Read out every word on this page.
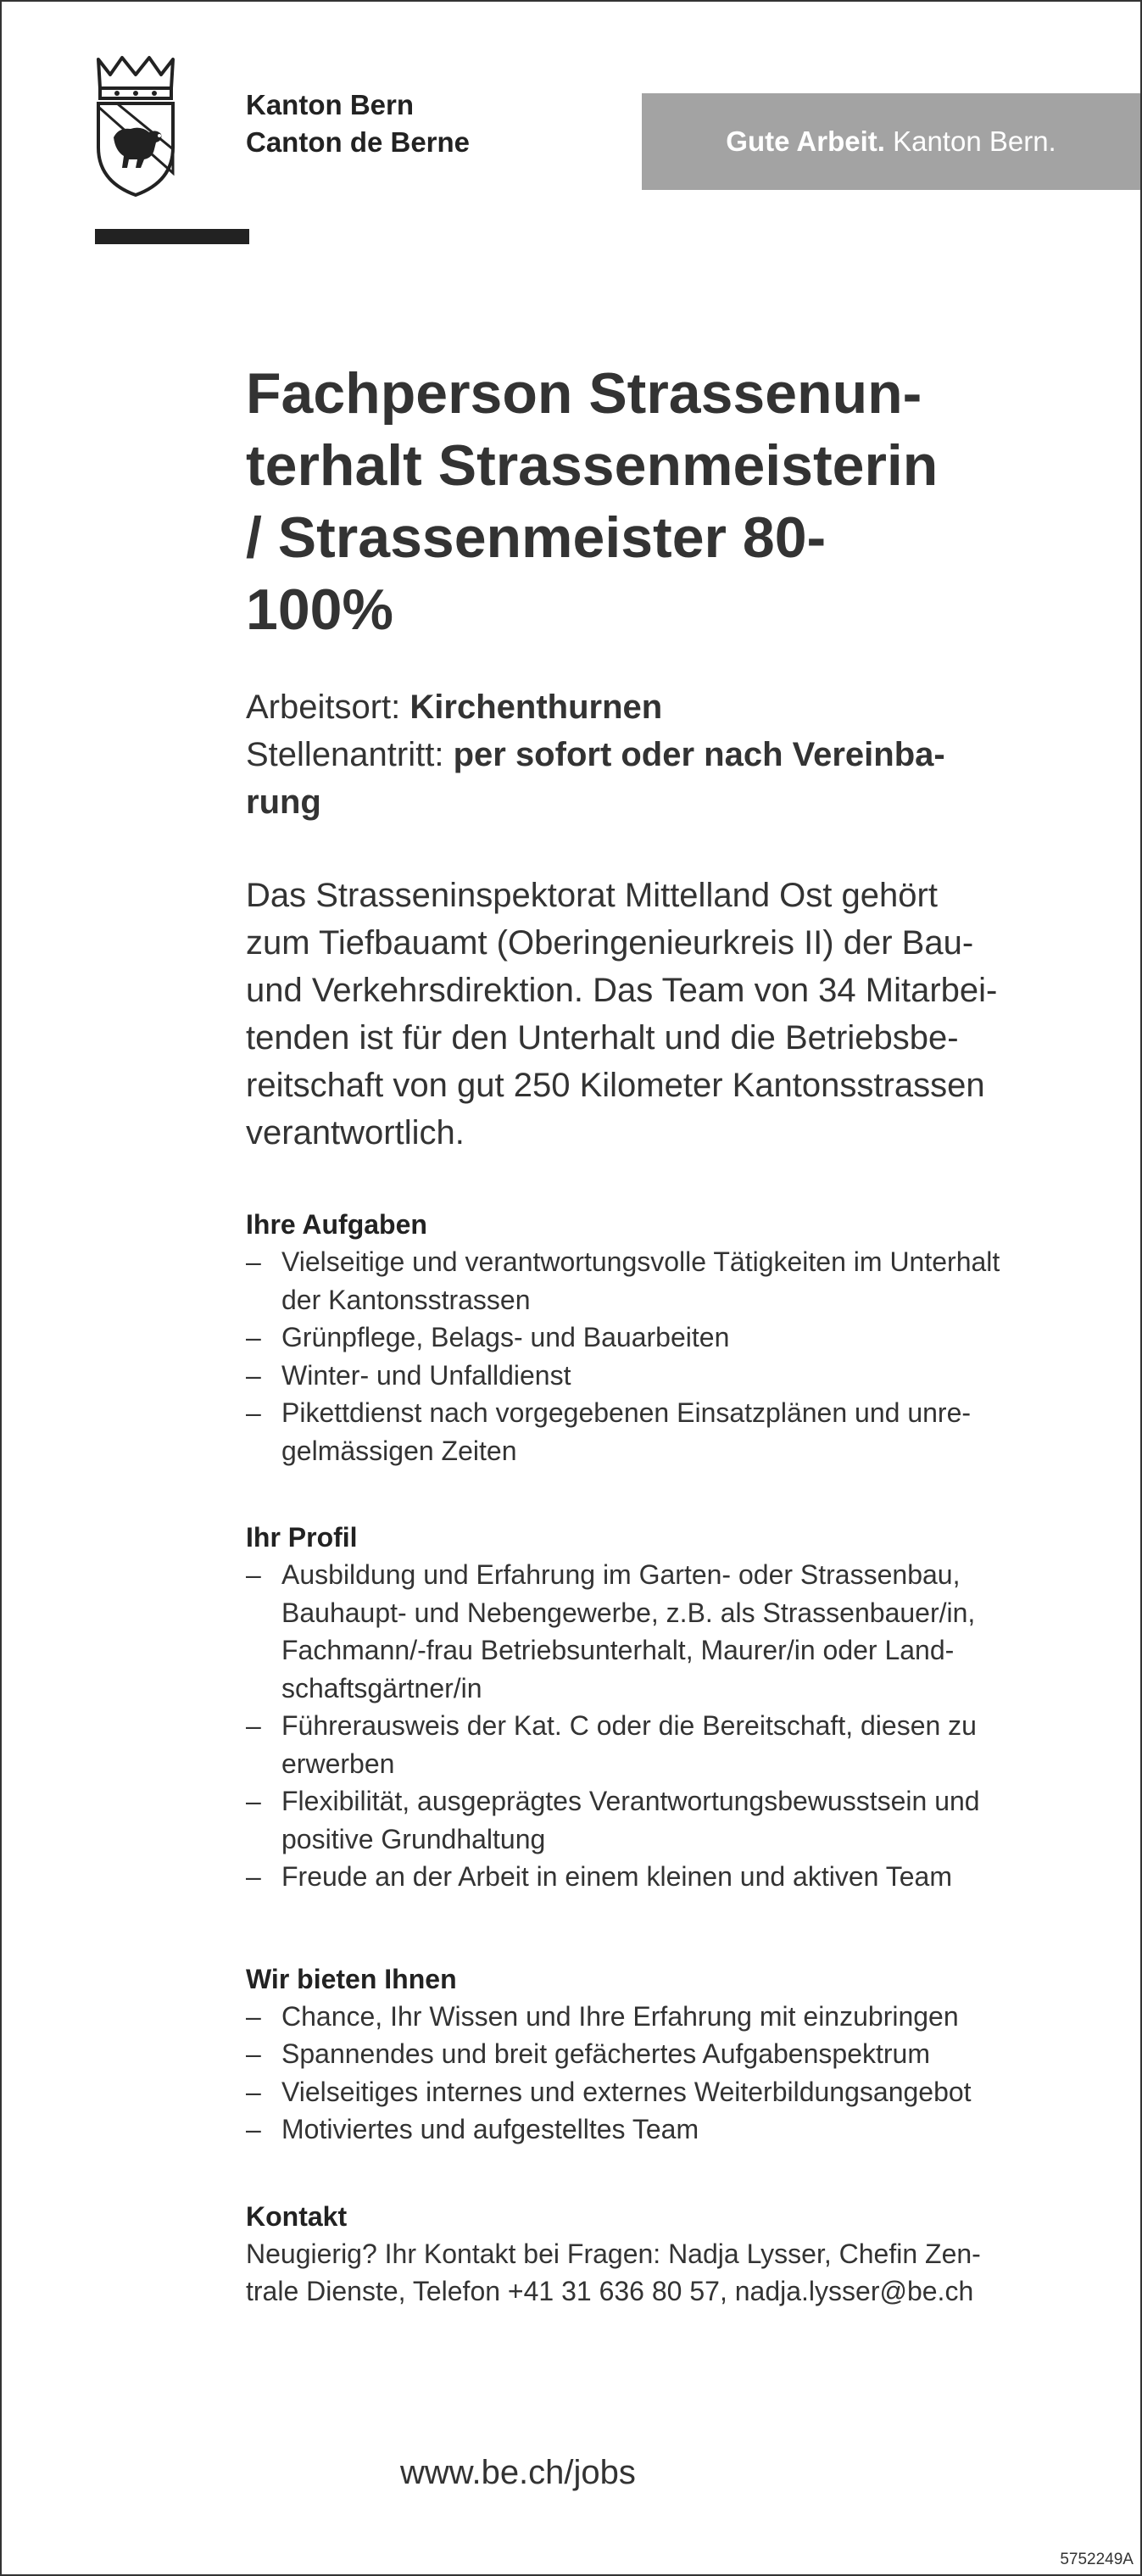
Kanton Bern
Canton de Berne	Gute Arbeit. Kanton Bern.
Fachperson Strassenun-
terhalt Strassenmeisterin
/ Strassenmeister 80-
100%
Arbeitsort: Kirchenthurnen
Stellenantritt: per sofort oder nach Vereinba-
rung
Das Strasseninspektorat Mittelland Ost gehört
zum Tiefbauamt (Oberingenieurkreis II) der Bau-
und Verkehrsdirektion. Das Team von 34 Mitarbei-
tenden ist für den Unterhalt und die Betriebsbe-
reitschaft von gut 250 Kilometer Kantonsstrassen
verantwortlich.
Ihre Aufgaben
– Vielseitige und verantwortungsvolle Tätigkeiten im Unterhalt
der Kantonsstrassen
– Grünpflege, Belags- und Bauarbeiten
– Winter- und Unfalldienst
– Pikettdienst nach vorgegebenen Einsatzplänen und unre-
gelmässigen Zeiten
Ihr Profil
– Ausbildung und Erfahrung im Garten- oder Strassenbau,
Bauhaupt- und Nebengewerbe, z.B. als Strassenbauer/in,
Fachmann/-frau Betriebsunterhalt, Maurer/in oder Land-
schaftsgärtner/in
– Führerausweis der Kat. C oder die Bereitschaft, diesen zu
erwerben
– Flexibilität, ausgeprägtes Verantwortungsbewusstsein und
positive Grundhaltung
– Freude an der Arbeit in einem kleinen und aktiven Team
Wir bieten Ihnen
– Chance, Ihr Wissen und Ihre Erfahrung mit einzubringen
– Spannendes und breit gefächertes Aufgabenspektrum
– Vielseitiges internes und externes Weiterbildungsangebot
– Motiviertes und aufgestelltes Team
Kontakt

Neugierig? Ihr Kontakt bei Fragen: Nadja Lysser, Chefin Zen-
trale Dienste, Telefon +41 31 636 80 57, nadja.lysser@be.ch

www.be.ch/jobs
5752249A
